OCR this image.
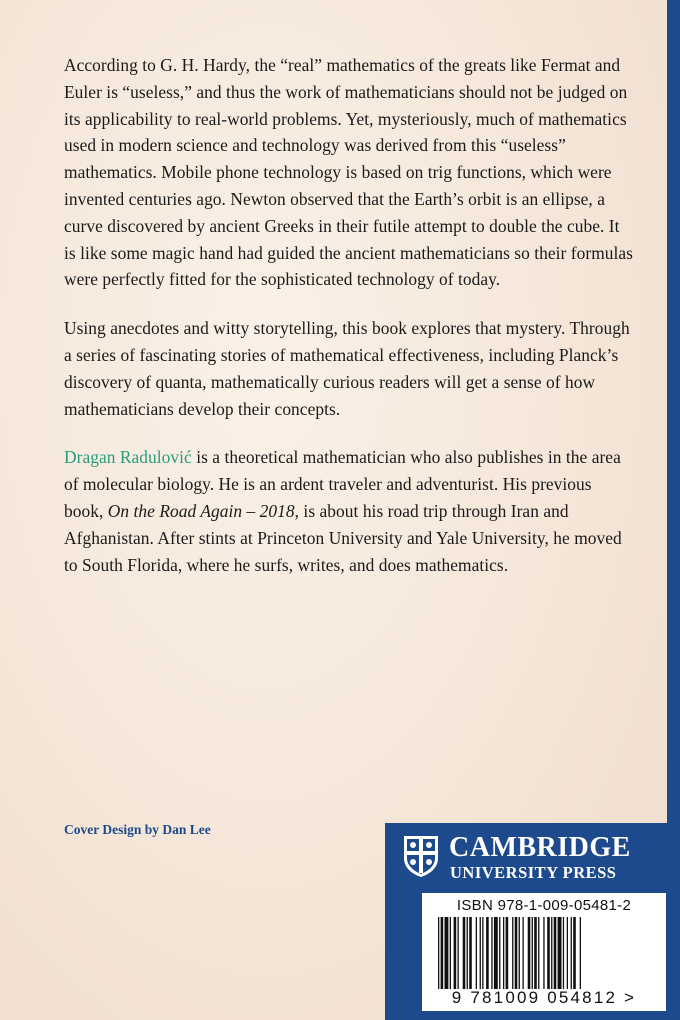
According to G. H. Hardy, the “real” mathematics of the greats like Fermat and Euler is “useless,” and thus the work of mathematicians should not be judged on its applicability to real-world problems. Yet, mysteriously, much of mathematics used in modern science and technology was derived from this “useless” mathematics. Mobile phone technology is based on trig functions, which were invented centuries ago. Newton observed that the Earth’s orbit is an ellipse, a curve discovered by ancient Greeks in their futile attempt to double the cube. It is like some magic hand had guided the ancient mathematicians so their formulas were perfectly fitted for the sophisticated technology of today.

Using anecdotes and witty storytelling, this book explores that mystery. Through a series of fascinating stories of mathematical effectiveness, including Planck’s discovery of quanta, mathematically curious readers will get a sense of how mathematicians develop their concepts.

Dragan Radulović is a theoretical mathematician who also publishes in the area of molecular biology. He is an ardent traveler and adventurist. His previous book, On the Road Again – 2018, is about his road trip through Iran and Afghanistan. After stints at Princeton University and Yale University, he moved to South Florida, where he surfs, writes, and does mathematics.

Cover Design by Dan Lee
CAMBRIDGE
UNIVERSITY PRESS
ISBN 978-1-009-05481-2
9 781009 054812 >
